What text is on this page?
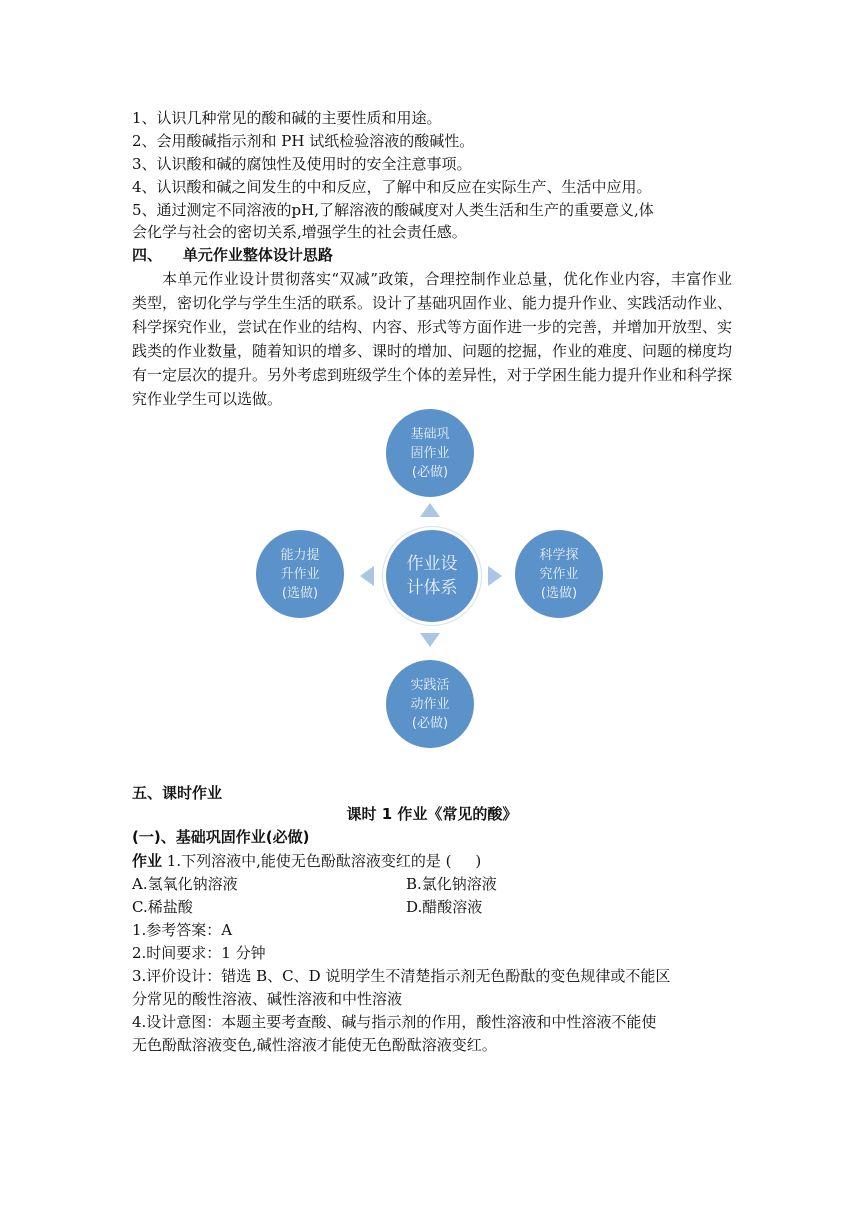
1、认识几种常见的酸和碱的主要性质和用途。
2、会用酸碱指示剂和 PH 试纸检验溶液的酸碱性。
3、认识酸和碱的腐蚀性及使用时的安全注意事项。
4、认识酸和碱之间发生的中和反应，了解中和反应在实际生产、生活中应用。
5、通过测定不同溶液的pH,了解溶液的酸碱度对人类生活和生产的重要意义,体
会化学与社会的密切关系,增强学生的社会责任感。
四、    单元作业整体设计思路
本单元作业设计贯彻落实“双减”政策，合理控制作业总量，优化作业内容，丰富作业类型，密切化学与学生生活的联系。设计了基础巩固作业、能力提升作业、实践活动作业、科学探究作业，尝试在作业的结构、内容、形式等方面作进一步的完善，并增加开放型、实践类的作业数量，随着知识的增多、课时的增加、问题的挖掘，作业的难度、问题的梯度均有一定层次的提升。另外考虑到班级学生个体的差异性，对于学困生能力提升作业和科学探究作业学生可以选做。
基础巩
固作业
(必做)
能力提
升作业
(选做)
作业设
计体系
科学探
究作业
(选做)
实践活
动作业
(必做)
五、课时作业
课时 1 作业《常见的酸》
(一)、基础巩固作业(必做)
作业 1.下列溶液中,能使无色酚酞溶液变红的是 (     )
A.氢氧化钠溶液	B.氯化钠溶液
C.稀盐酸	D.醋酸溶液
1.参考答案：A
2.时间要求：1 分钟
3.评价设计：错选 B、C、D 说明学生不清楚指示剂无色酚酞的变色规律或不能区
分常见的酸性溶液、碱性溶液和中性溶液
4.设计意图：本题主要考查酸、碱与指示剂的作用，酸性溶液和中性溶液不能使
无色酚酞溶液变色,碱性溶液才能使无色酚酞溶液变红。
